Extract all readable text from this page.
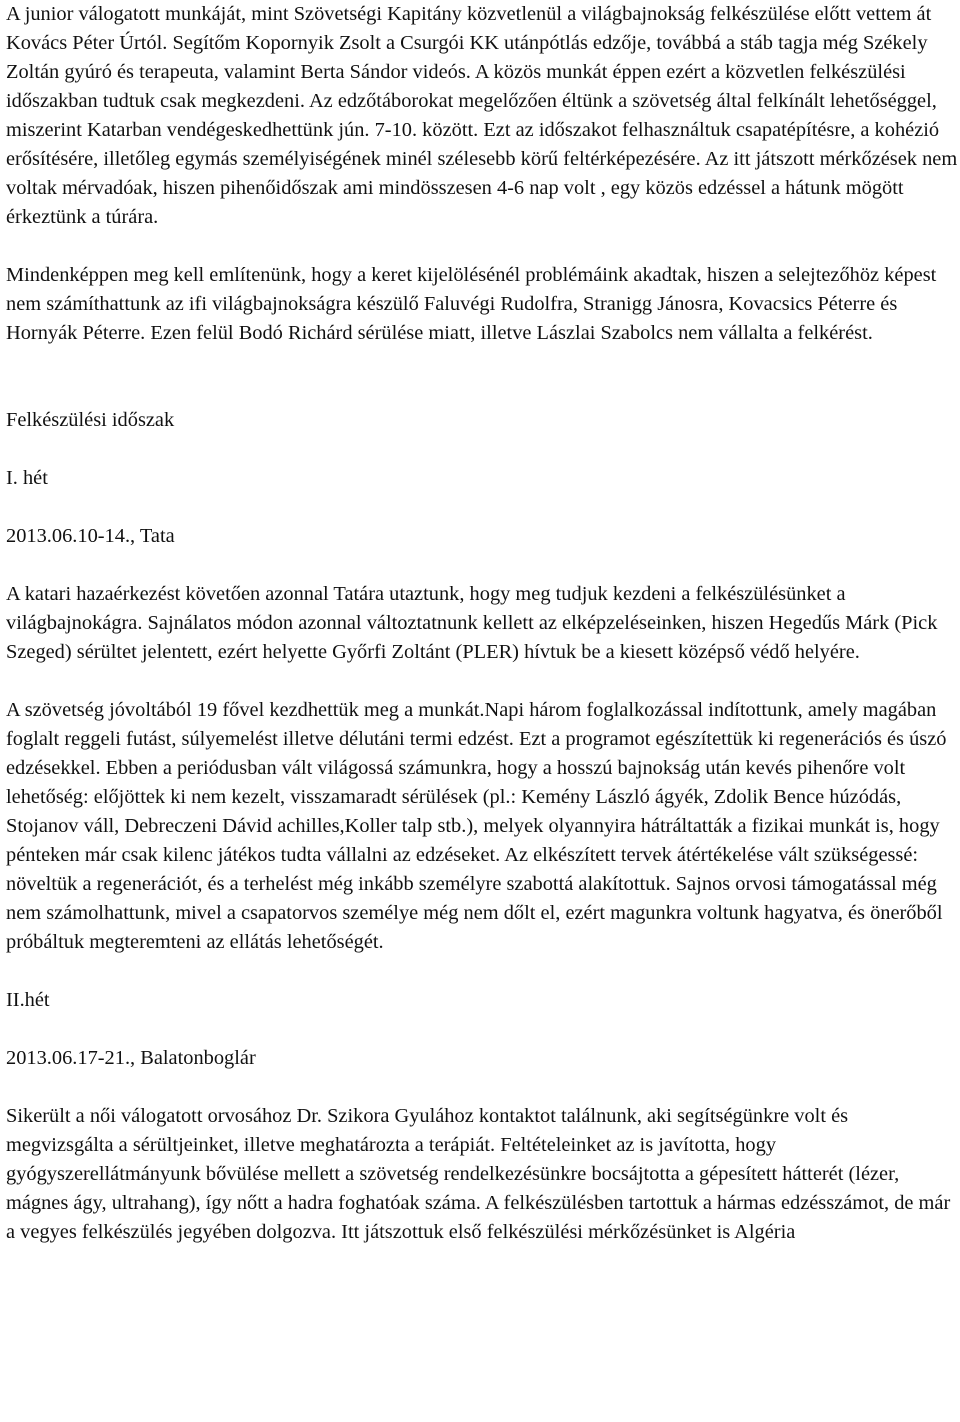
A junior válogatott munkáját, mint Szövetségi Kapitány közvetlenül a világbajnokság felkészülése előtt vettem át Kovács Péter Úrtól. Segítőm Kopornyik Zsolt a Csurgói KK utánpótlás edzője, továbbá a stáb tagja még Székely Zoltán gyúró és terapeuta, valamint Berta Sándor videós. A közös munkát éppen ezért a közvetlen felkészülési időszakban tudtuk csak megkezdeni. Az edzőtáborokat megelőzően éltünk a szövetség által felkínált lehetőséggel, miszerint Katarban vendégeskedhettünk jún. 7-10. között. Ezt az időszakot felhasználtuk csapatépítésre, a kohézió erősítésére, illetőleg egymás személyiségének minél szélesebb körű feltérképezésére. Az itt játszott mérkőzések nem voltak mérvadóak, hiszen pihenőidőszak ami mindösszesen 4-6 nap volt , egy közös edzéssel a hátunk mögött érkeztünk a túrára.

Mindenképpen meg kell említenünk, hogy a keret kijelölésénél problémáink akadtak, hiszen a selejtezőhöz képest nem számíthattunk az ifi világbajnokságra készülő Faluvégi Rudolfra, Stranigg Jánosra, Kovacsics Péterre és Hornyák Péterre. Ezen felül Bodó Richárd sérülése miatt, illetve Lászlai Szabolcs nem vállalta a felkérést.

Felkészülési időszak

I. hét

2013.06.10-14., Tata

A katari hazaérkezést követően azonnal Tatára utaztunk, hogy meg tudjuk kezdeni a felkészülésünket a világbajnokágra. Sajnálatos módon azonnal változtatnunk kellett az elképzeléseinken, hiszen Hegedűs Márk (Pick Szeged) sérültet jelentett, ezért helyette Győrfi Zoltánt (PLER) hívtuk be a kiesett középső védő helyére.

A szövetség jóvoltából 19 fővel kezdhettük meg a munkát.Napi három foglalkozással indítottunk, amely magában foglalt reggeli futást, súlyemelést illetve délutáni termi edzést. Ezt a programot egészítettük ki regenerációs és úszó edzésekkel. Ebben a periódusban vált világossá számunkra, hogy a hosszú bajnokság után kevés pihenőre volt lehetőség: előjöttek ki nem kezelt, visszamaradt sérülések (pl.: Kemény László ágyék, Zdolik Bence húzódás, Stojanov váll, Debreczeni Dávid achilles,Koller talp stb.), melyek olyannyira hátráltatták a fizikai munkát is, hogy pénteken már csak kilenc játékos tudta vállalni az edzéseket. Az elkészített tervek átértékelése vált szükségessé: növeltük a regenerációt, és a terhelést még inkább személyre szabottá alakítottuk. Sajnos orvosi támogatással még nem számolhattunk, mivel a csapatorvos személye még nem dőlt el, ezért magunkra voltunk hagyatva, és önerőből próbáltuk megteremteni az ellátás lehetőségét.

II.hét

2013.06.17-21., Balatonboglár

Sikerült a női válogatott orvosához Dr. Szikora Gyulához kontaktot találnunk, aki segítségünkre volt és megvizsgálta a sérültjeinket, illetve meghatározta a terápiát. Feltételeinket az is javította, hogy gyógyszerellátmányunk bővülése mellett a szövetség rendelkezésünkre bocsájtotta a gépesített hátterét (lézer, mágnes ágy, ultrahang), így nőtt a hadra foghatóak száma. A felkészülésben tartottuk a hármas edzésszámot, de már a vegyes felkészülés jegyében dolgozva. Itt játszottuk első felkészülési mérkőzésünket is Algéria
